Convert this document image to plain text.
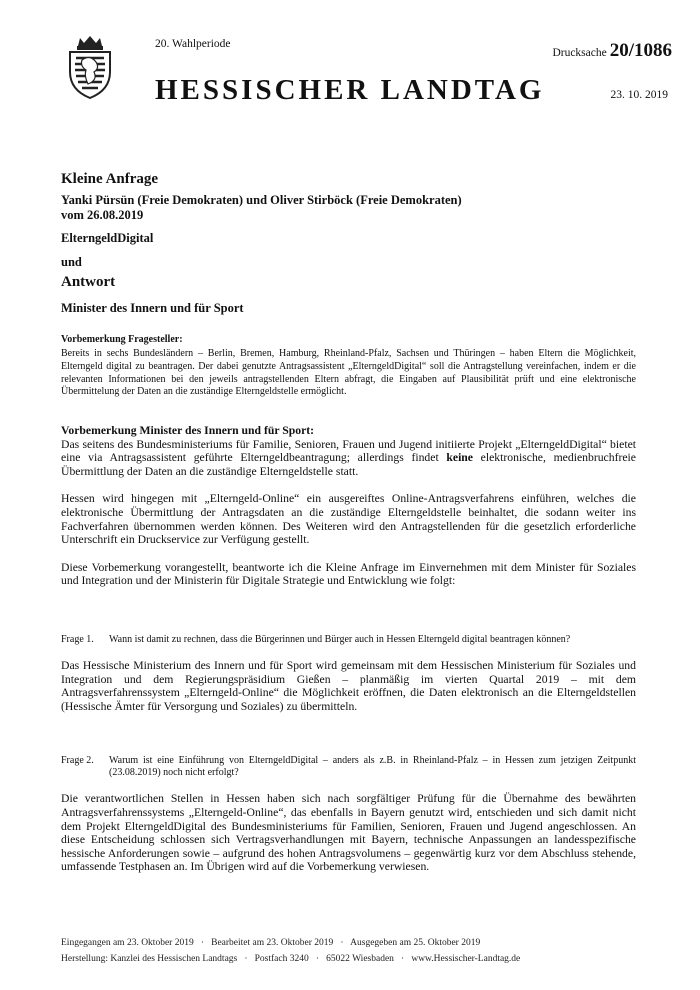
20. Wahlperiode
HESSISCHER LANDTAG
Drucksache 20/1086
23. 10. 2019
Kleine Anfrage
Yanki Pürsün (Freie Demokraten) und Oliver Stirböck (Freie Demokraten)
vom 26.08.2019
ElterngeldDigital
und
Antwort
Minister des Innern und für Sport
Vorbemerkung Fragesteller:
Bereits in sechs Bundesländern – Berlin, Bremen, Hamburg, Rheinland-Pfalz, Sachsen und Thüringen – haben Eltern die Möglichkeit, Elterngeld digital zu beantragen. Der dabei genutzte Antragsassistent „ElterngeldDigital“ soll die Antragstellung vereinfachen, indem er die relevanten Informationen bei den jeweils antragstellenden Eltern abfragt, die Eingaben auf Plausibilität prüft und eine elektronische Übermittelung der Daten an die zuständige Elterngeldstelle ermöglicht.
Vorbemerkung Minister des Innern und für Sport:
Das seitens des Bundesministeriums für Familie, Senioren, Frauen und Jugend initiierte Projekt „ElterngeldDigital“ bietet eine via Antragsassistent geführte Elterngeldbeantragung; allerdings findet keine elektronische, medienbruchfreie Übermittlung der Daten an die zuständige Elterngeldstelle statt.
Hessen wird hingegen mit „Elterngeld-Online“ ein ausgereiftes Online-Antragsverfahrens einführen, welches die elektronische Übermittlung der Antragsdaten an die zuständige Elterngeldstelle beinhaltet, die sodann weiter ins Fachverfahren übernommen werden können. Des Weiteren wird den Antragstellenden für die gesetzlich erforderliche Unterschrift ein Druckservice zur Verfügung gestellt.
Diese Vorbemerkung vorangestellt, beantworte ich die Kleine Anfrage im Einvernehmen mit dem Minister für Soziales und Integration und der Ministerin für Digitale Strategie und Entwicklung wie folgt:
Frage 1.	Wann ist damit zu rechnen, dass die Bürgerinnen und Bürger auch in Hessen Elterngeld digital beantragen können?
Das Hessische Ministerium des Innern und für Sport wird gemeinsam mit dem Hessischen Ministerium für Soziales und Integration und dem Regierungspräsidium Gießen – planmäßig im vierten Quartal 2019 – mit dem Antragsverfahrenssystem „Elterngeld-Online“ die Möglichkeit eröffnen, die Daten elektronisch an die Elterngeldstellen (Hessische Ämter für Versorgung und Soziales) zu übermitteln.
Frage 2.	Warum ist eine Einführung von ElterngeldDigital – anders als z.B. in Rheinland-Pfalz – in Hessen zum jetzigen Zeitpunkt (23.08.2019) noch nicht erfolgt?
Die verantwortlichen Stellen in Hessen haben sich nach sorgfältiger Prüfung für die Übernahme des bewährten Antragsverfahrenssystems „Elterngeld-Online“, das ebenfalls in Bayern genutzt wird, entschieden und sich damit nicht dem Projekt ElterngeldDigital des Bundesministeriums für Familien, Senioren, Frauen und Jugend angeschlossen. An diese Entscheidung schlossen sich Vertragsverhandlungen mit Bayern, technische Anpassungen an landesspezifische hessische Anforderungen sowie – aufgrund des hohen Antragsvolumens – gegenwärtig kurz vor dem Abschluss stehende, umfassende Testphasen an. Im Übrigen wird auf die Vorbemerkung verwiesen.
Eingegangen am 23. Oktober 2019   ·   Bearbeitet am 23. Oktober 2019   ·   Ausgegeben am 25. Oktober 2019
Herstellung: Kanzlei des Hessischen Landtags   ·   Postfach 3240   ·   65022 Wiesbaden   ·   www.Hessischer-Landtag.de
